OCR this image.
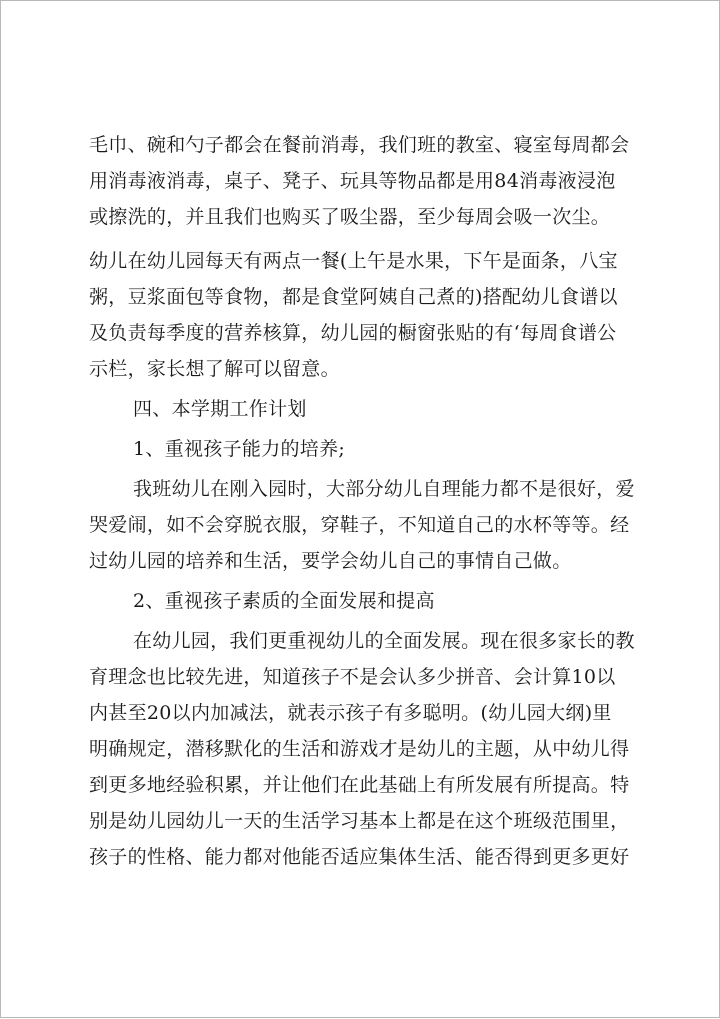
毛巾、碗和勺子都会在餐前消毒，我们班的教室、寝室每周都会
用消毒液消毒，桌子、凳子、玩具等物品都是用84消毒液浸泡
或擦洗的，并且我们也购买了吸尘器，至少每周会吸一次尘。
幼儿在幼儿园每天有两点一餐(上午是水果，下午是面条，八宝
粥，豆浆面包等食物，都是食堂阿姨自己煮的)搭配幼儿食谱以
及负责每季度的营养核算，幼儿园的橱窗张贴的有‘每周食谱公
示栏，家长想了解可以留意。
四、本学期工作计划
1、重视孩子能力的培养;
我班幼儿在刚入园时，大部分幼儿自理能力都不是很好，爱
哭爱闹，如不会穿脱衣服，穿鞋子，不知道自己的水杯等等。经
过幼儿园的培养和生活，要学会幼儿自己的事情自己做。
2、重视孩子素质的全面发展和提高
在幼儿园，我们更重视幼儿的全面发展。现在很多家长的教
育理念也比较先进，知道孩子不是会认多少拼音、会计算10以
内甚至20以内加减法，就表示孩子有多聪明。(幼儿园大纲)里
明确规定，潜移默化的生活和游戏才是幼儿的主题，从中幼儿得
到更多地经验积累，并让他们在此基础上有所发展有所提高。特
别是幼儿园幼儿一天的生活学习基本上都是在这个班级范围里，
孩子的性格、能力都对他能否适应集体生活、能否得到更多更好
